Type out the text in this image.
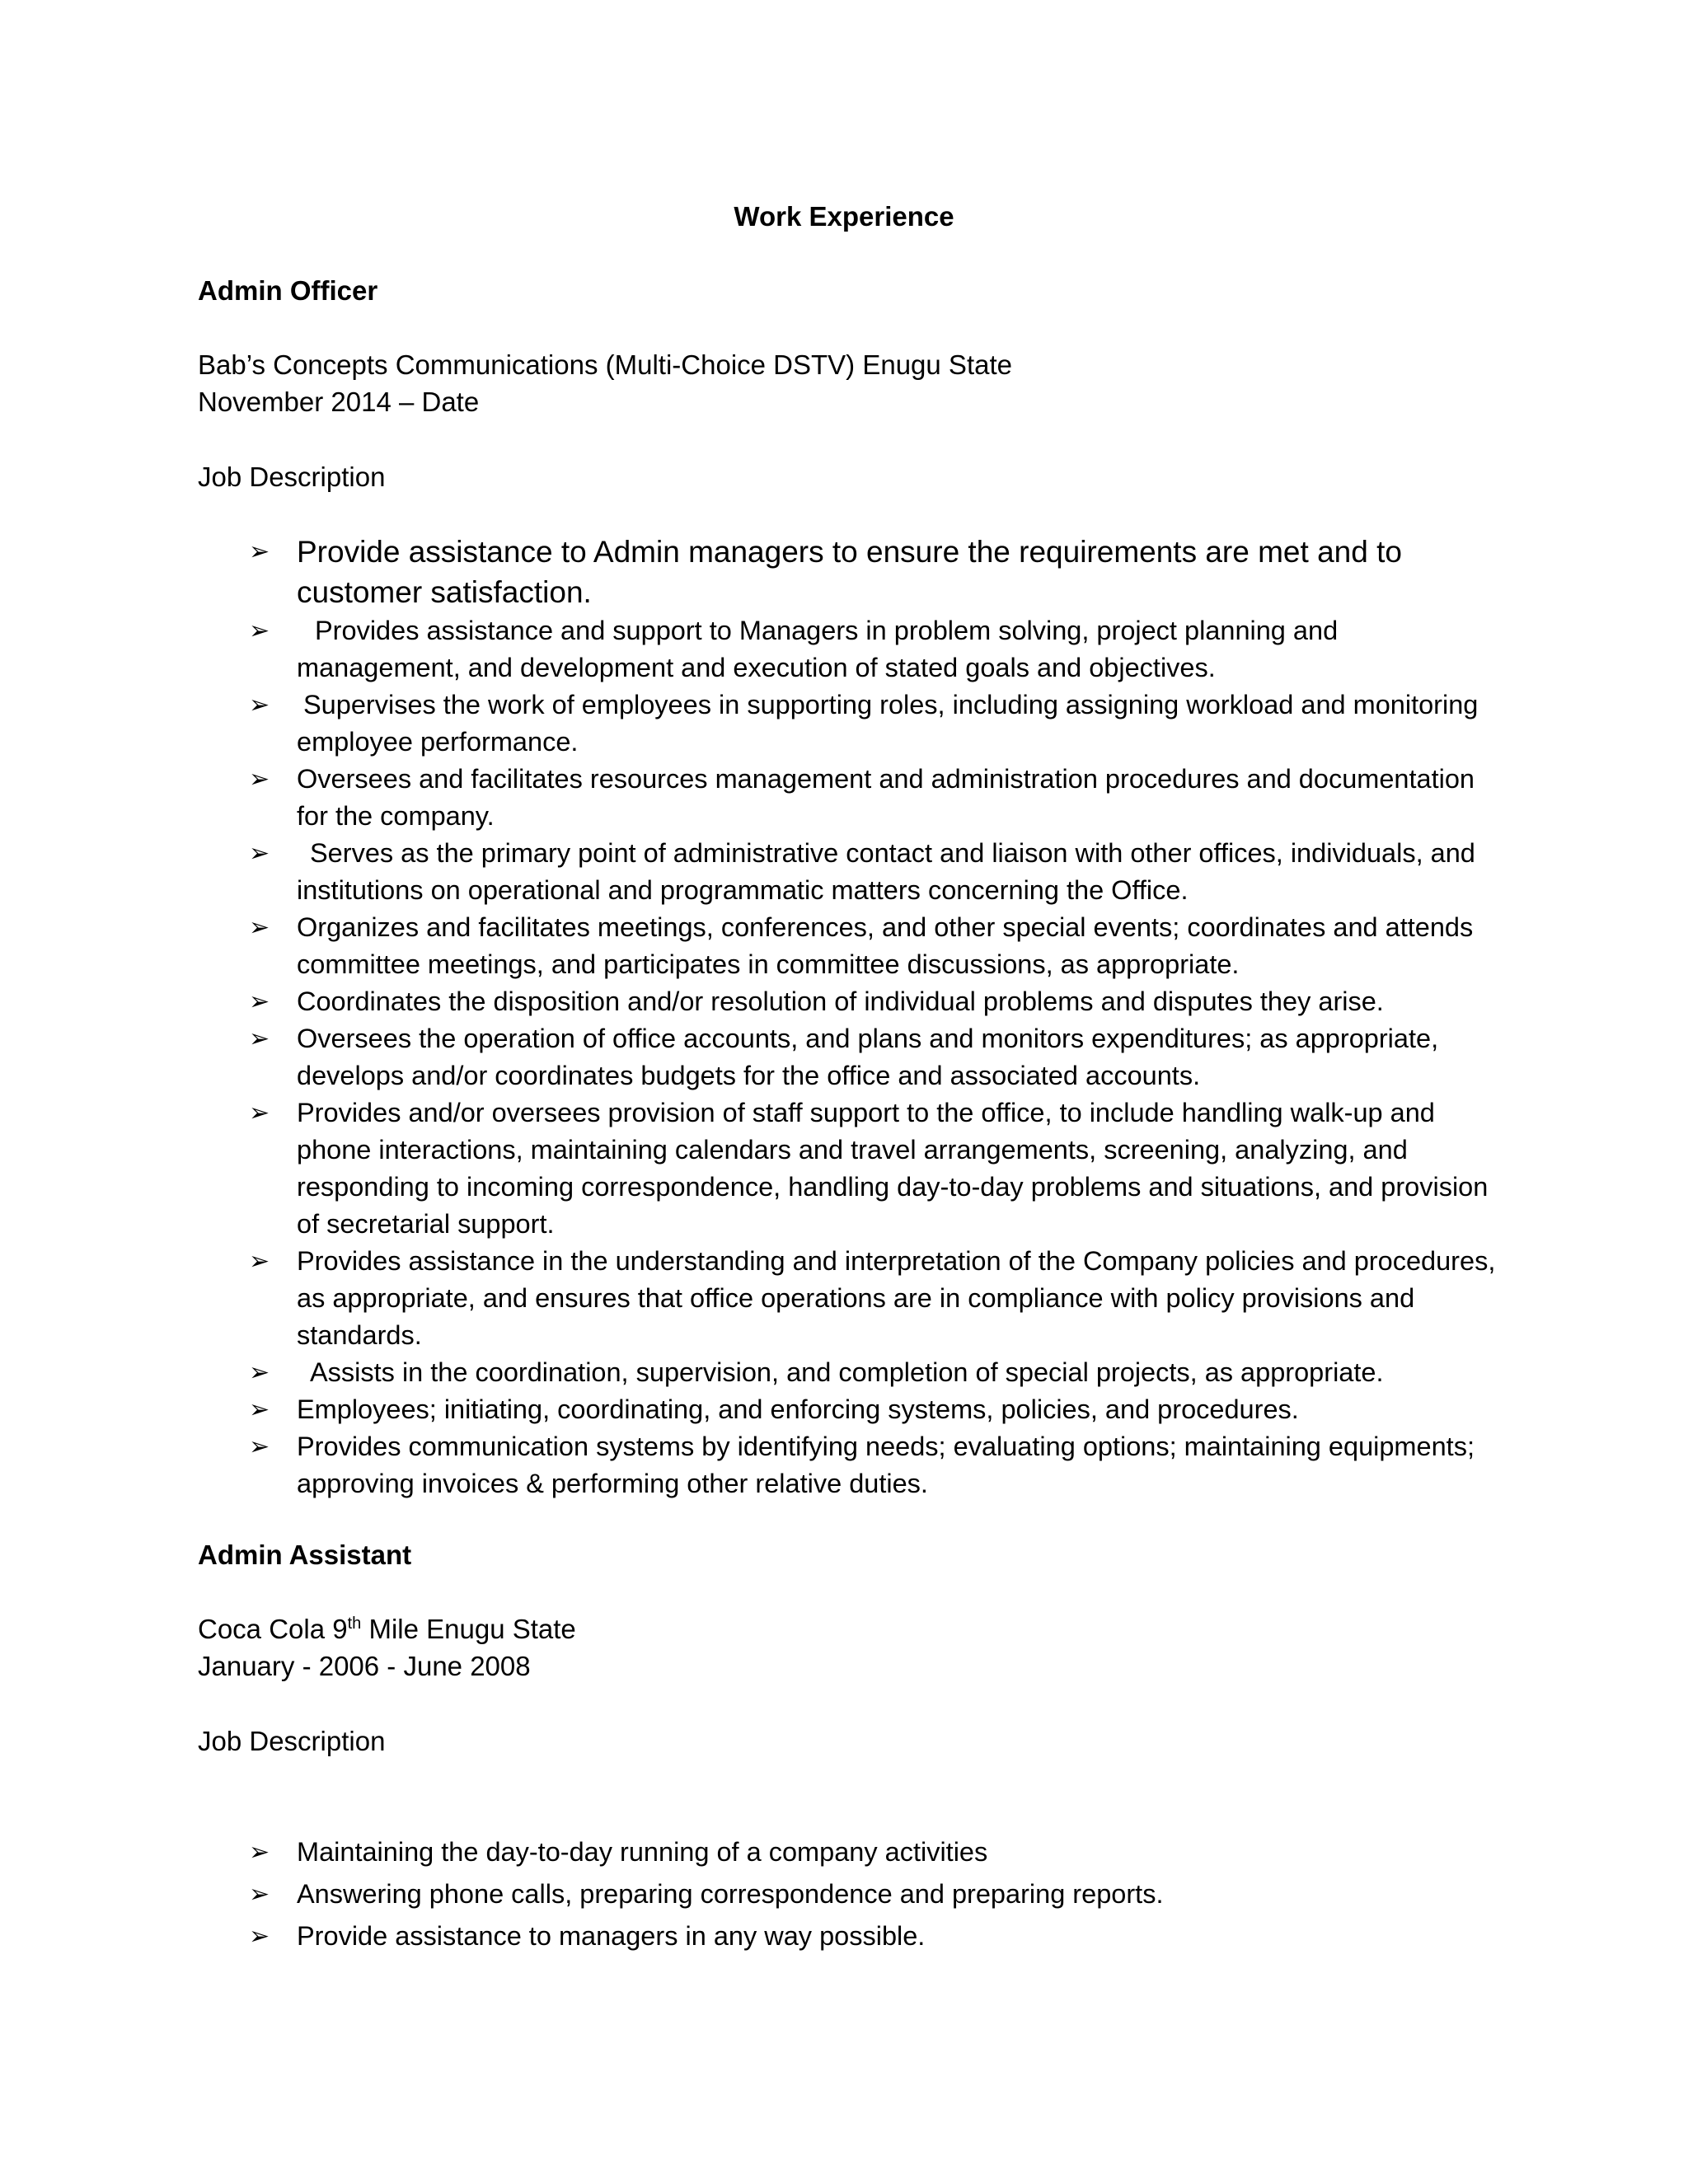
Work Experience

Admin Officer

Bab’s Concepts Communications (Multi-Choice DSTV) Enugu State

November 2014 – Date

Job Description

➢ Provide assistance to Admin managers to ensure the requirements are met and to customer satisfaction.
➢ Provides assistance and support to Managers in problem solving, project planning and management, and development and execution of stated goals and objectives.
➢ Supervises the work of employees in supporting roles, including assigning workload and monitoring employee performance.
➢ Oversees and facilitates resources management and administration procedures and documentation for the company.
➢ Serves as the primary point of administrative contact and liaison with other offices, individuals, and institutions on operational and programmatic matters concerning the Office.
➢ Organizes and facilitates meetings, conferences, and other special events; coordinates and attends committee meetings, and participates in committee discussions, as appropriate.
➢ Coordinates the disposition and/or resolution of individual problems and disputes they arise.
➢ Oversees the operation of office accounts, and plans and monitors expenditures; as appropriate, develops and/or coordinates budgets for the office and associated accounts.
➢ Provides and/or oversees provision of staff support to the office, to include handling walk-up and phone interactions, maintaining calendars and travel arrangements, screening, analyzing, and responding to incoming correspondence, handling day-to-day problems and situations, and provision of secretarial support.
➢ Provides assistance in the understanding and interpretation of the Company policies and procedures, as appropriate, and ensures that office operations are in compliance with policy provisions and standards.
➢ Assists in the coordination, supervision, and completion of special projects, as appropriate.
➢ Employees; initiating, coordinating, and enforcing systems, policies, and procedures.
➢ Provides communication systems by identifying needs; evaluating options; maintaining equipments; approving invoices & performing other relative duties.

Admin Assistant

Coca Cola 9th Mile Enugu State

January - 2006 - June 2008

Job Description

➢ Maintaining the day-to-day running of a company activities
➢ Answering phone calls, preparing correspondence and preparing reports.
➢ Provide assistance to managers in any way possible.
